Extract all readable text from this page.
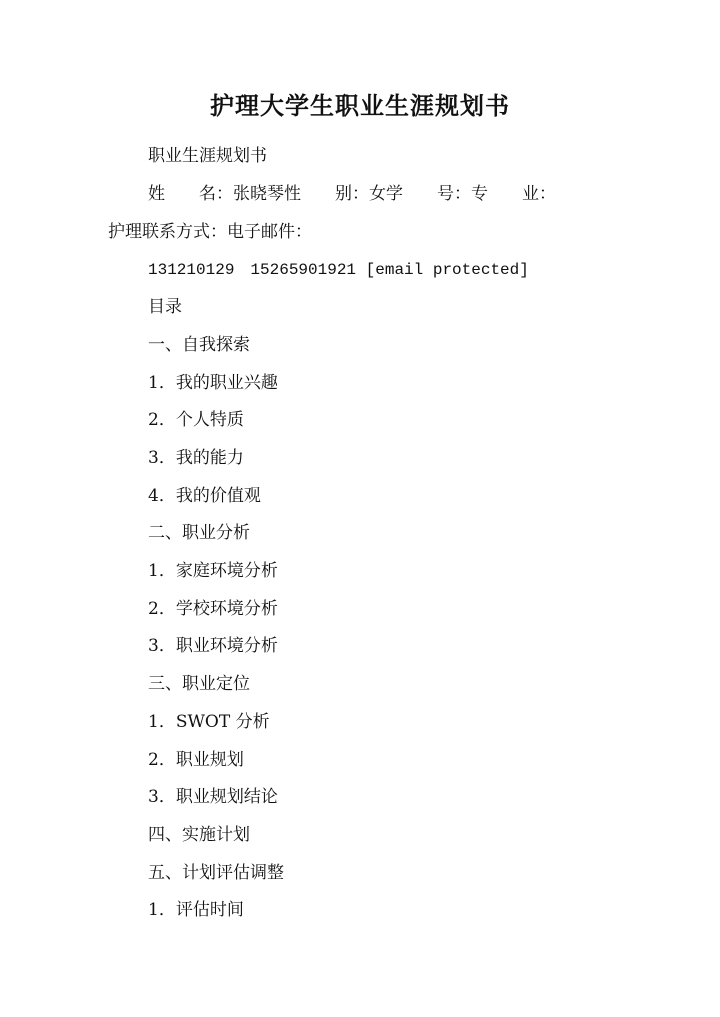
护理大学生职业生涯规划书

职业生涯规划书

姓　　名：张晓琴性　　别：女学　　号：专　　业：

护理联系方式：电子邮件：

131210129　15265901921 [email protected]

目录

一、自我探索

1．我的职业兴趣

2．个人特质

3．我的能力

4．我的价值观

二、职业分析

1．家庭环境分析

2．学校环境分析

3．职业环境分析

三、职业定位

1．SWOT 分析

2．职业规划

3．职业规划结论

四、实施计划

五、计划评估调整

1．评估时间
